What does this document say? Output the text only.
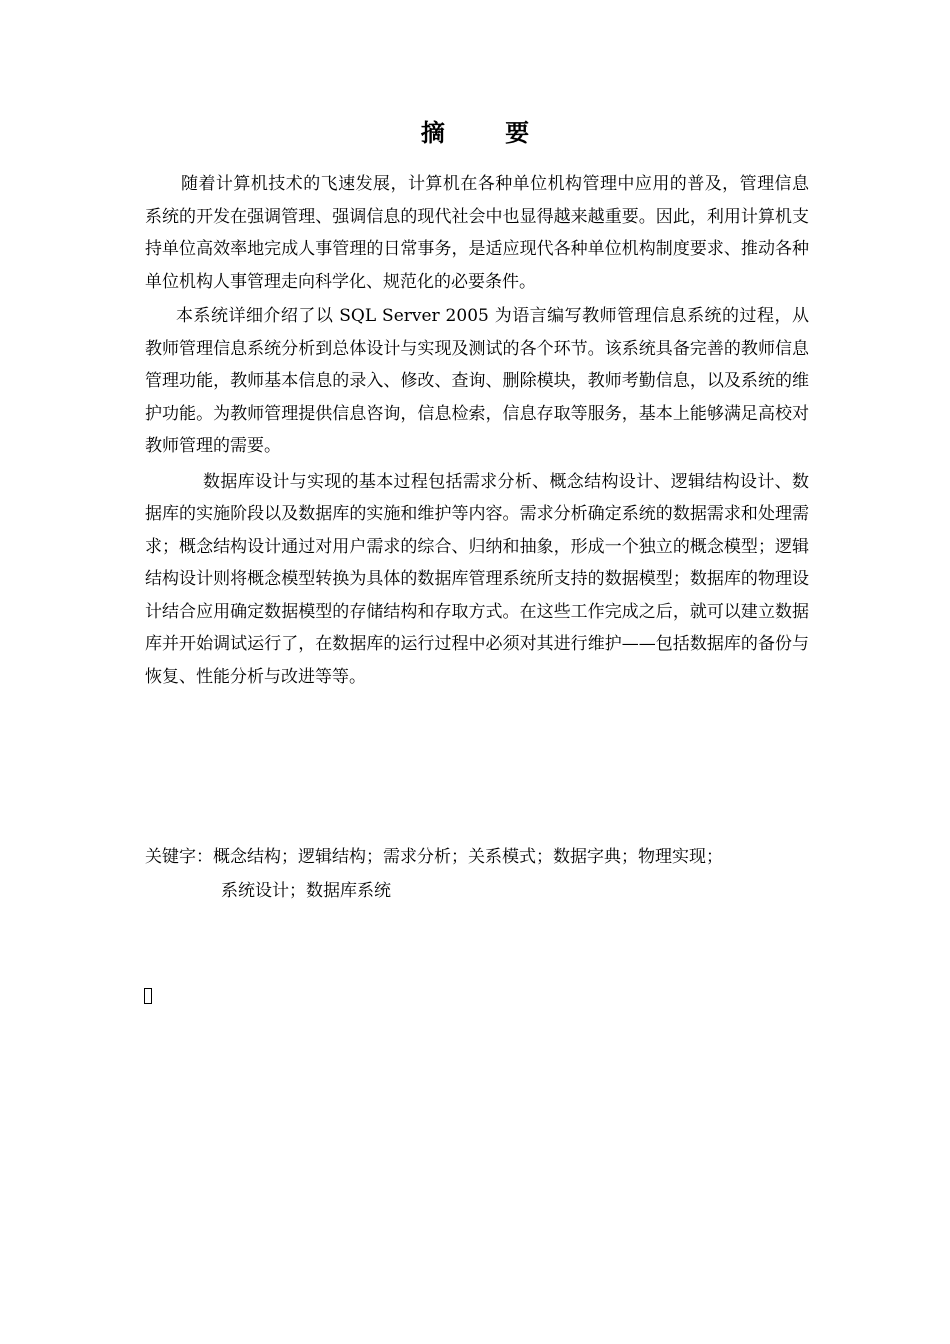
摘 要

随着计算机技术的飞速发展，计算机在各种单位机构管理中应用的普及，管理信息系统的开发在强调管理、强调信息的现代社会中也显得越来越重要。因此，利用计算机支持单位高效率地完成人事管理的日常事务，是适应现代各种单位机构制度要求、推动各种单位机构人事管理走向科学化、规范化的必要条件。

本系统详细介绍了以 SQL Server 2005 为语言编写教师管理信息系统的过程，从教师管理信息系统分析到总体设计与实现及测试的各个环节。该系统具备完善的教师信息管理功能，教师基本信息的录入、修改、查询、删除模块，教师考勤信息，以及系统的维护功能。为教师管理提供信息咨询，信息检索，信息存取等服务，基本上能够满足高校对教师管理的需要。

数据库设计与实现的基本过程包括需求分析、概念结构设计、逻辑结构设计、数据库的实施阶段以及数据库的实施和维护等内容。需求分析确定系统的数据需求和处理需求；概念结构设计通过对用户需求的综合、归纳和抽象，形成一个独立的概念模型；逻辑结构设计则将概念模型转换为具体的数据库管理系统所支持的数据模型；数据库的物理设计结合应用确定数据模型的存储结构和存取方式。在这些工作完成之后，就可以建立数据库并开始调试运行了，在数据库的运行过程中必须对其进行维护——包括数据库的备份与恢复、性能分析与改进等等。

关键字：概念结构；逻辑结构；需求分析；关系模式；数据字典；物理实现；
系统设计；数据库系统
